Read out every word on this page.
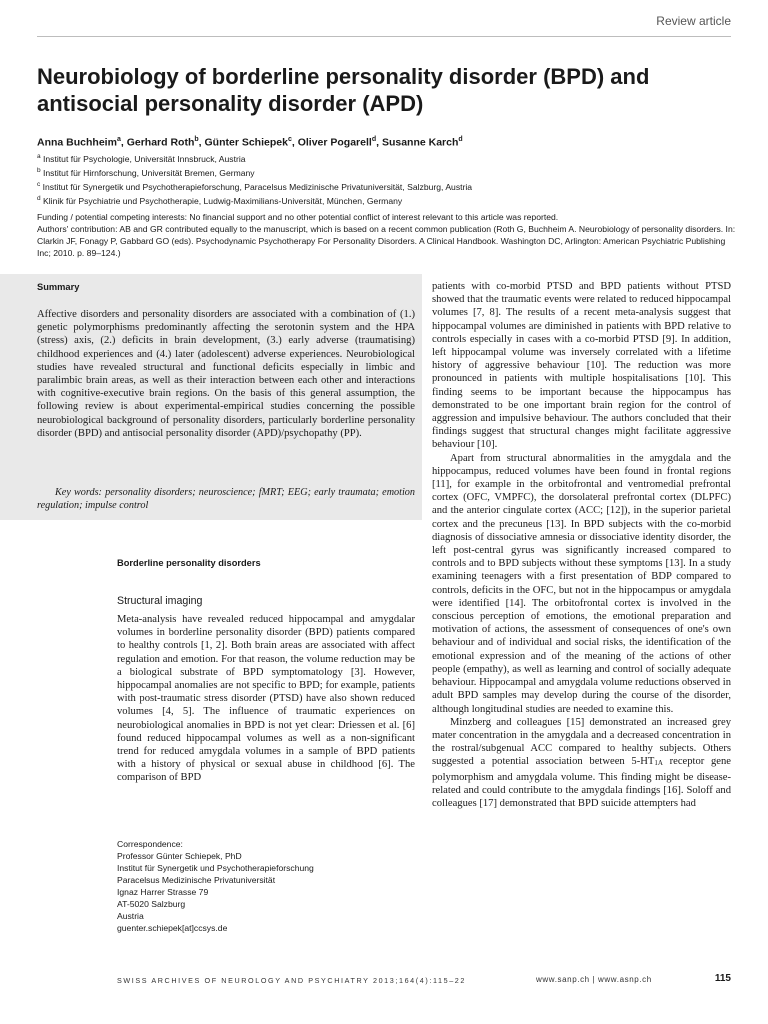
Review article
Neurobiology of borderline personality disorder (BPD) and antisocial personality disorder (APD)
Anna Buchheim$^a$, Gerhard Roth$^b$, Günter Schiepek$^c$, Oliver Pogarell$^d$, Susanne Karch$^d$
$^a$ Institut für Psychologie, Universität Innsbruck, Austria
$^b$ Institut für Hirnforschung, Universität Bremen, Germany
$^c$ Institut für Synergetik und Psychotherapieforschung, Paracelsus Medizinische Privatuniversität, Salzburg, Austria
$^d$ Klinik für Psychiatrie und Psychotherapie, Ludwig-Maximilians-Universität, München, Germany
Funding / potential competing interests: No financial support and no other potential conflict of interest relevant to this article was reported.
Authors' contribution: AB and GR contributed equally to the manuscript, which is based on a recent common publication (Roth G, Buchheim A. Neurobiology of personality disorders. In: Clarkin JF, Fonagy P, Gabbard GO (eds). Psychodynamic Psychotherapy For Personality Disorders. A Clinical Handbook. Washington DC, Arlington: American Psychiatric Publishing Inc; 2010. p. 89–124.)
Summary

Affective disorders and personality disorders are associated with a combination of (1.) genetic polymorphisms predominantly affecting the serotonin system and the HPA (stress) axis, (2.) deficits in brain development, (3.) early adverse (traumatising) childhood experiences and (4.) later (adolescent) adverse experiences. Neurobiological studies have revealed structural and functional deficits especially in limbic and paralimbic brain areas, as well as their interaction between each other and interactions with cognitive-executive brain regions. On the basis of this general assumption, the following review is about experimental-empirical studies concerning the possible neurobiological background of personality disorders, particularly borderline personality disorder (BPD) and antisocial personality disorder (APD)/psychopathy (PP).

Key words: personality disorders; neuroscience; fMRT; EEG; early traumata; emotion regulation; impulse control

Borderline personality disorders
Structural imaging

Meta-analysis have revealed reduced hippocampal and amygdalar volumes in borderline personality disorder (BPD) patients compared to healthy controls [1, 2]. Both brain areas are associated with affect regulation and emotion. For that reason, the volume reduction may be a biological substrate of BPD symptomatology [3]. However, hippocampal anomalies are not specific to BPD; for example, patients with post-traumatic stress disorder (PTSD) have also shown reduced volumes [4, 5]. The influence of traumatic experiences on neurobiological anomalies in BPD is not yet clear: Driessen et al. [6] found reduced hippocampal volumes as well as a non-significant trend for reduced amygdala volumes in a sample of BPD patients with a history of physical or sexual abuse in childhood [6]. The comparison of BPD

Correspondence:
Professor Günter Schiepek, PhD
Institut für Synergetik und Psychotherapieforschung
Paracelsus Medizinische Privatuniversität
Ignaz Harrer Strasse 79
AT-5020 Salzburg
Austria
guenter.schiepek[at]ccsys.de

patients with co-morbid PTSD and BPD patients without PTSD showed that the traumatic events were related to reduced hippocampal volumes [7, 8]. The results of a recent meta-analysis suggest that hippocampal volumes are diminished in patients with BPD relative to controls especially in cases with a co-morbid PTSD [9]. In addition, left hippocampal volume was inversely correlated with a lifetime history of aggressive behaviour [10]. The reduction was more pronounced in patients with multiple hospitalisations [10]. This finding seems to be important because the hippocampus has demonstrated to be one important brain region for the control of aggression and impulsive behaviour. The authors concluded that their findings suggest that structural changes might facilitate aggressive behaviour [10].

Apart from structural abnormalities in the amygdala and the hippocampus, reduced volumes have been found in frontal regions [11], for example in the orbitofrontal and ventromedial prefrontal cortex (OFC, VMPFC), the dorsolateral prefrontal cortex (DLPFC) and the anterior cingulate cortex (ACC; [12]), in the superior parietal cortex and the precuneus [13]. In BPD subjects with the co-morbid diagnosis of dissociative amnesia or dissociative identity disorder, the left post-central gyrus was significantly increased compared to controls and to BPD subjects without these symptoms [13]. In a study examining teenagers with a first presentation of BDP compared to controls, deficits in the OFC, but not in the hippocampus or amygdala were identified [14]. The orbitofrontal cortex is involved in the conscious perception of emotions, the emotional preparation and motivation of actions, the assessment of consequences of one's own behaviour and of individual and social risks, the identification of the emotional expression and of the meaning of the actions of other people (empathy), as well as learning and control of socially adequate behaviour. Hippocampal and amygdala volume reductions observed in adult BPD samples may develop during the course of the disorder, although longitudinal studies are needed to examine this.

Minzberg and colleagues [15] demonstrated an increased grey mater concentration in the amygdala and a decreased concentration in the rostral/subgenual ACC compared to healthy subjects. Others suggested a potential association between $5-HT_{1A}$ receptor gene polymorphism and amygdala volume. This finding might be disease-related and could contribute to the amygdala findings [16]. Soloff and colleagues [17] demonstrated that BPD suicide attempters had

SWISS ARCHIVES OF NEUROLOGY AND PSYCHIATRY 2013;164(4):115–22	www.sanp.ch | www.asnp.ch	115
